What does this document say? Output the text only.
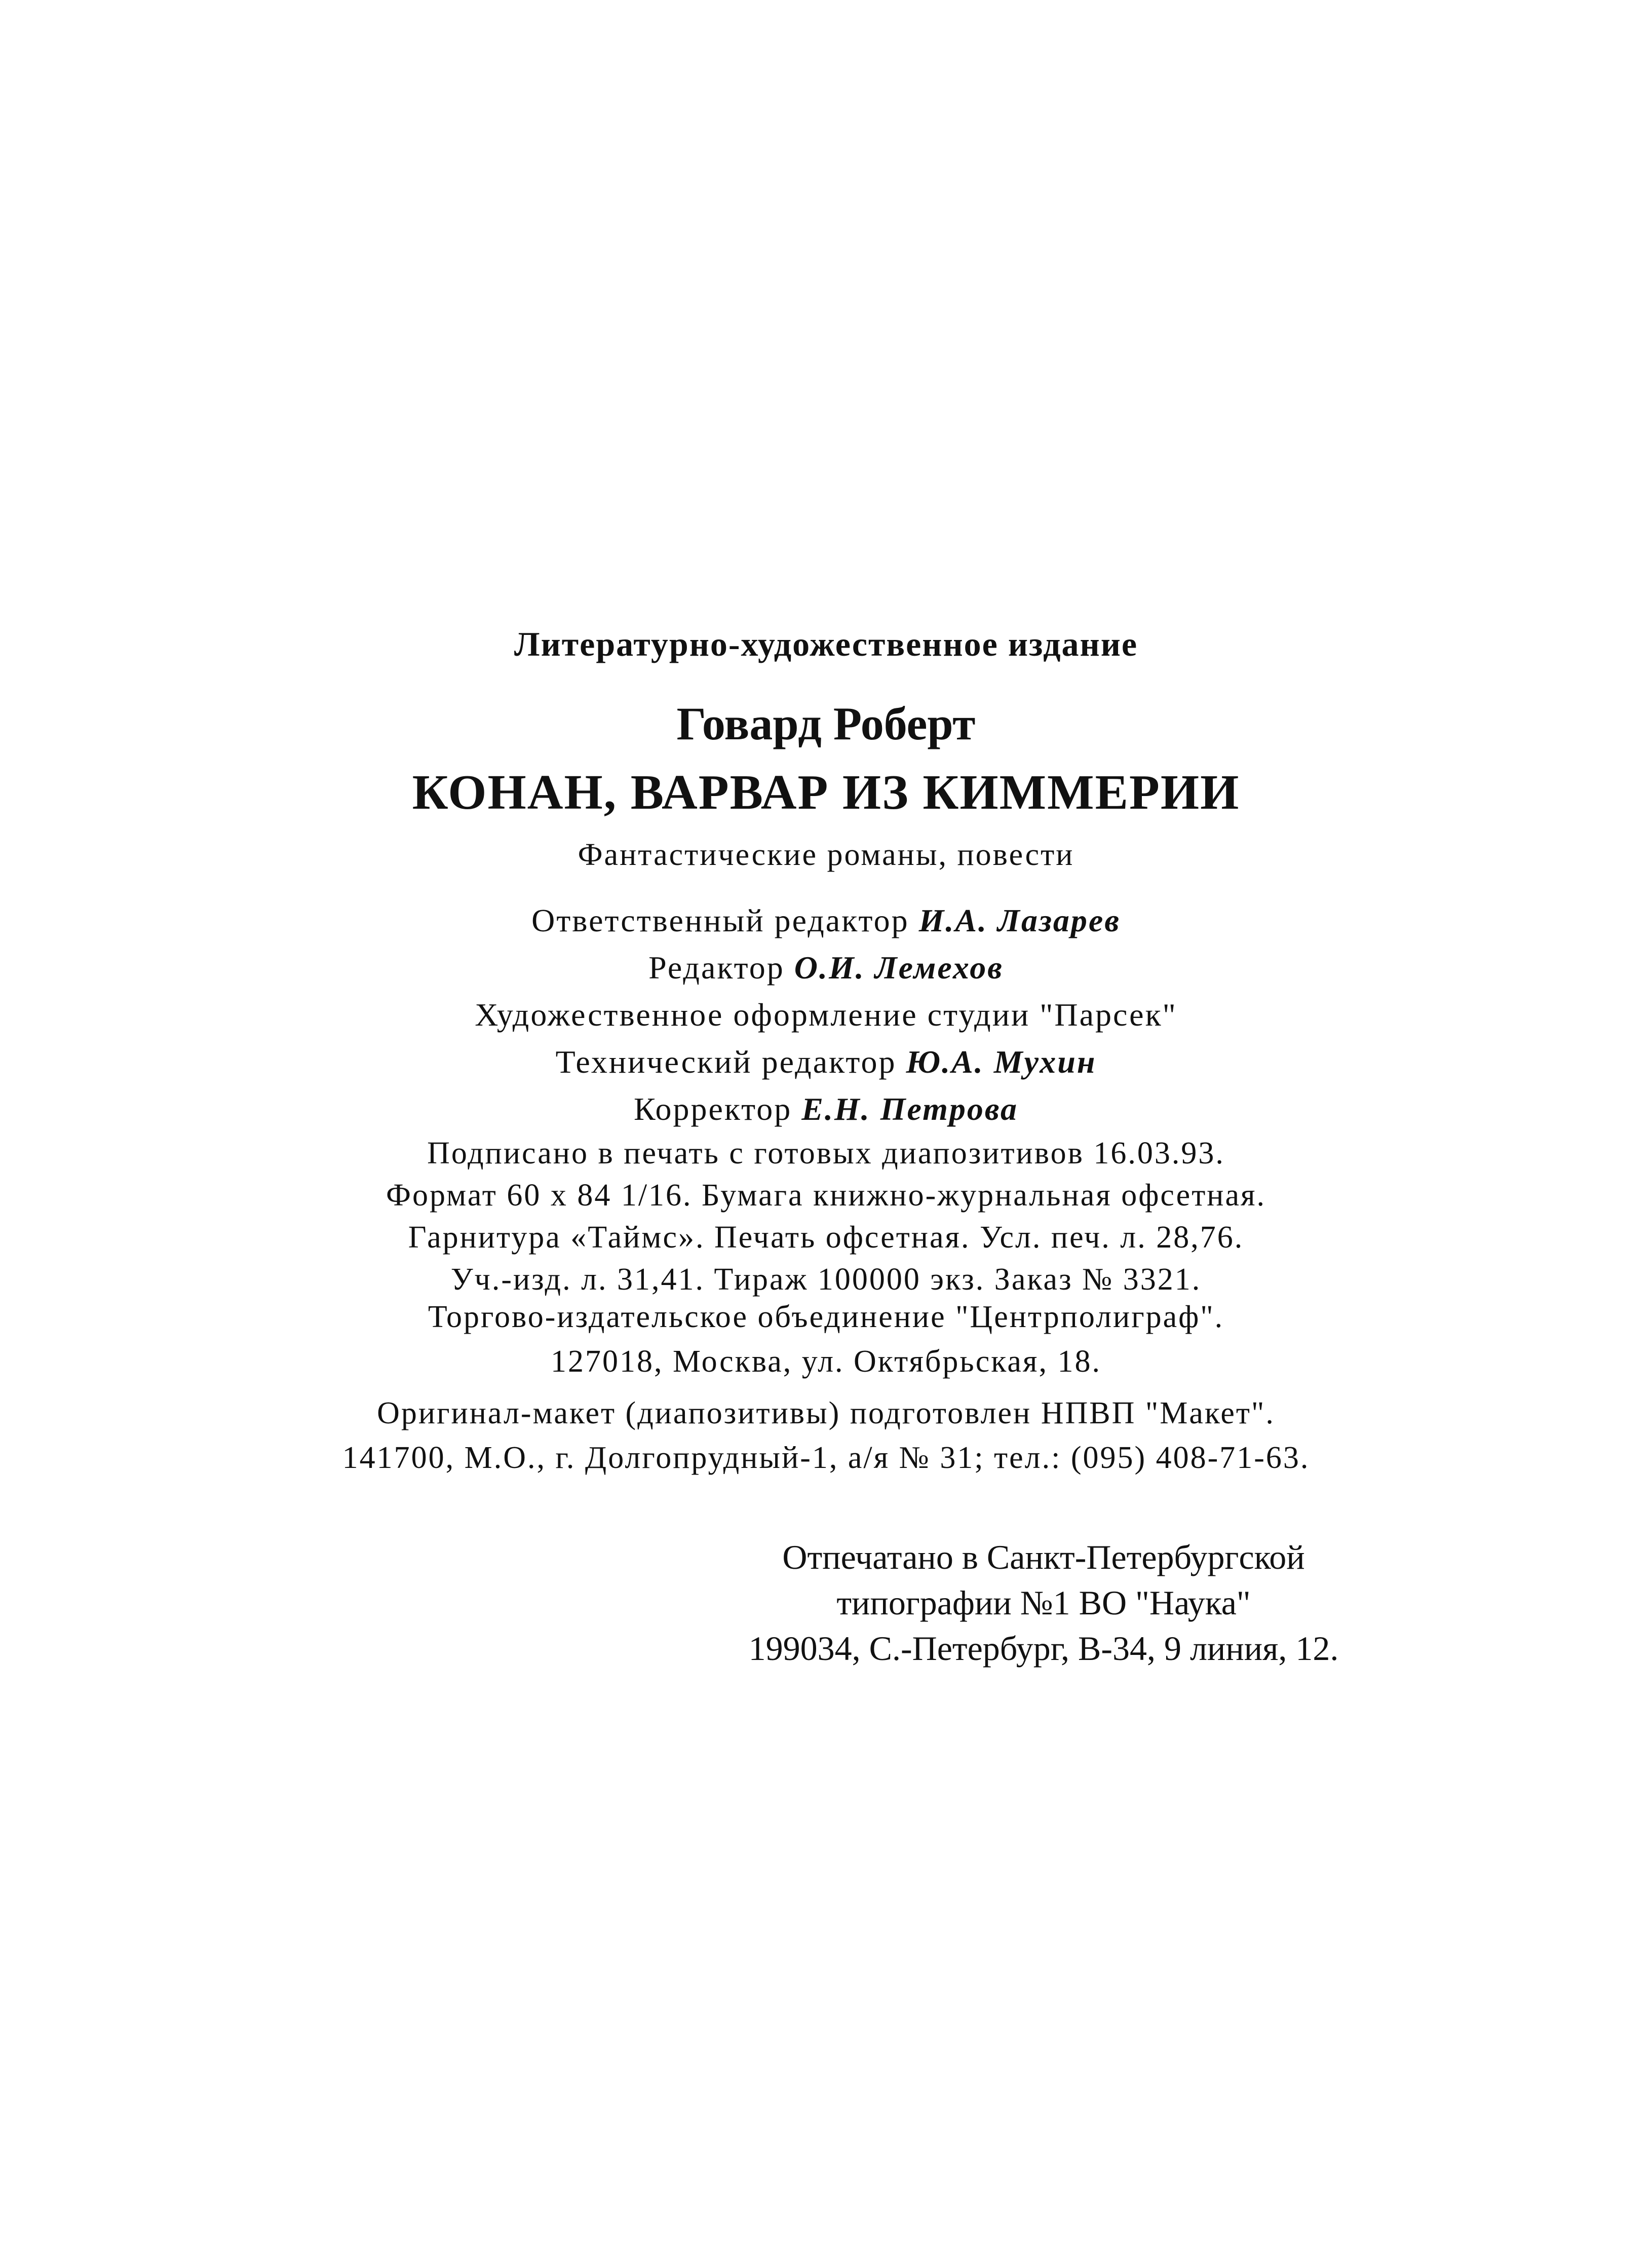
Литературно-художественное издание
Говард Роберт
КОНАН, ВАРВАР ИЗ КИММЕРИИ
Фантастические романы, повести
Ответственный редактор И.А. Лазарев
Редактор О.И. Лемехов
Художественное оформление студии "Парсек"
Технический редактор Ю.А. Мухин
Корректор Е.Н. Петрова
Подписано в печать с готовых диапозитивов 16.03.93.
Формат 60 x 84 1/16. Бумага книжно-журнальная офсетная.
Гарнитура «Таймс». Печать офсетная. Усл. печ. л. 28,76.
Уч.-изд. л. 31,41. Тираж 100000 экз. Заказ № 3321.
Торгово-издательское объединение "Центрполиграф".
127018, Москва, ул. Октябрьская, 18.
Оригинал-макет (диапозитивы) подготовлен НПВП "Макет".
141700, М.О., г. Долгопрудный-1, а/я № 31; тел.: (095) 408-71-63.
Отпечатано в Санкт-Петербургской
типографии №1 ВО "Наука"
199034, С.-Петербург, В-34, 9 линия, 12.
